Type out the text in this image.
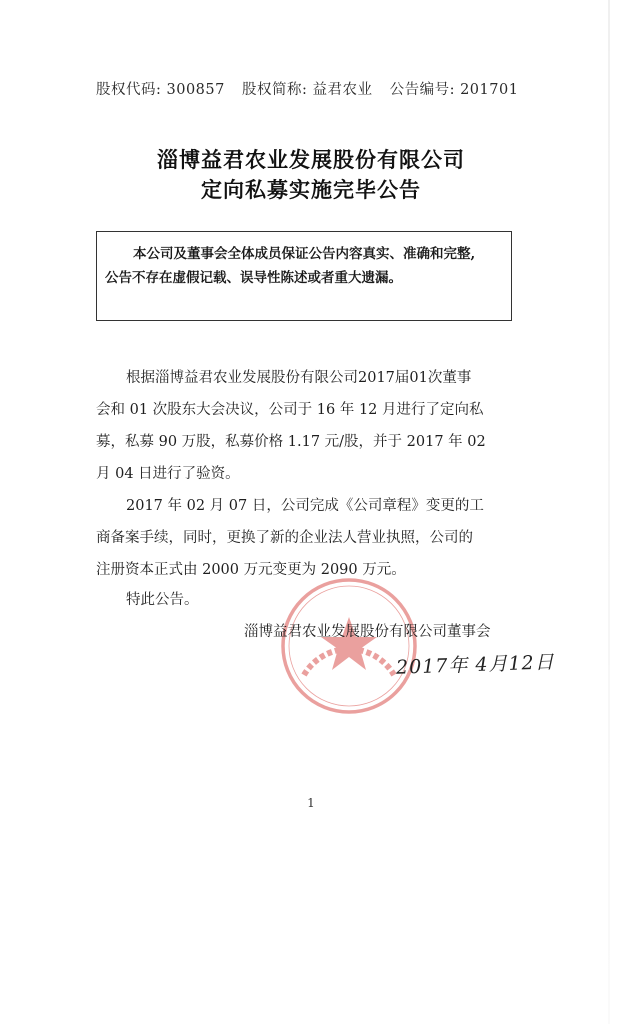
股权代码: 300857 股权简称: 益君农业 公告编号: 201701
淄博益君农业发展股份有限公司
定向私募实施完毕公告
本公司及董事会全体成员保证公告内容真实、准确和完整,
公告不存在虚假记载、误导性陈述或者重大遗漏。
根据淄博益君农业发展股份有限公司2017届01次董事
会和 01 次股东大会决议，公司于 16 年 12 月进行了定向私
募，私募 90 万股，私募价格 1.17 元/股，并于 2017 年 02
月 04 日进行了验资。
2017 年 02 月 07 日，公司完成《公司章程》变更的工
商备案手续，同时，更换了新的企业法人营业执照，公司的
注册资本正式由 2000 万元变更为 2090 万元。
特此公告。
淄博益君农业发展股份有限公司董事会
2017年 4月12日
1
